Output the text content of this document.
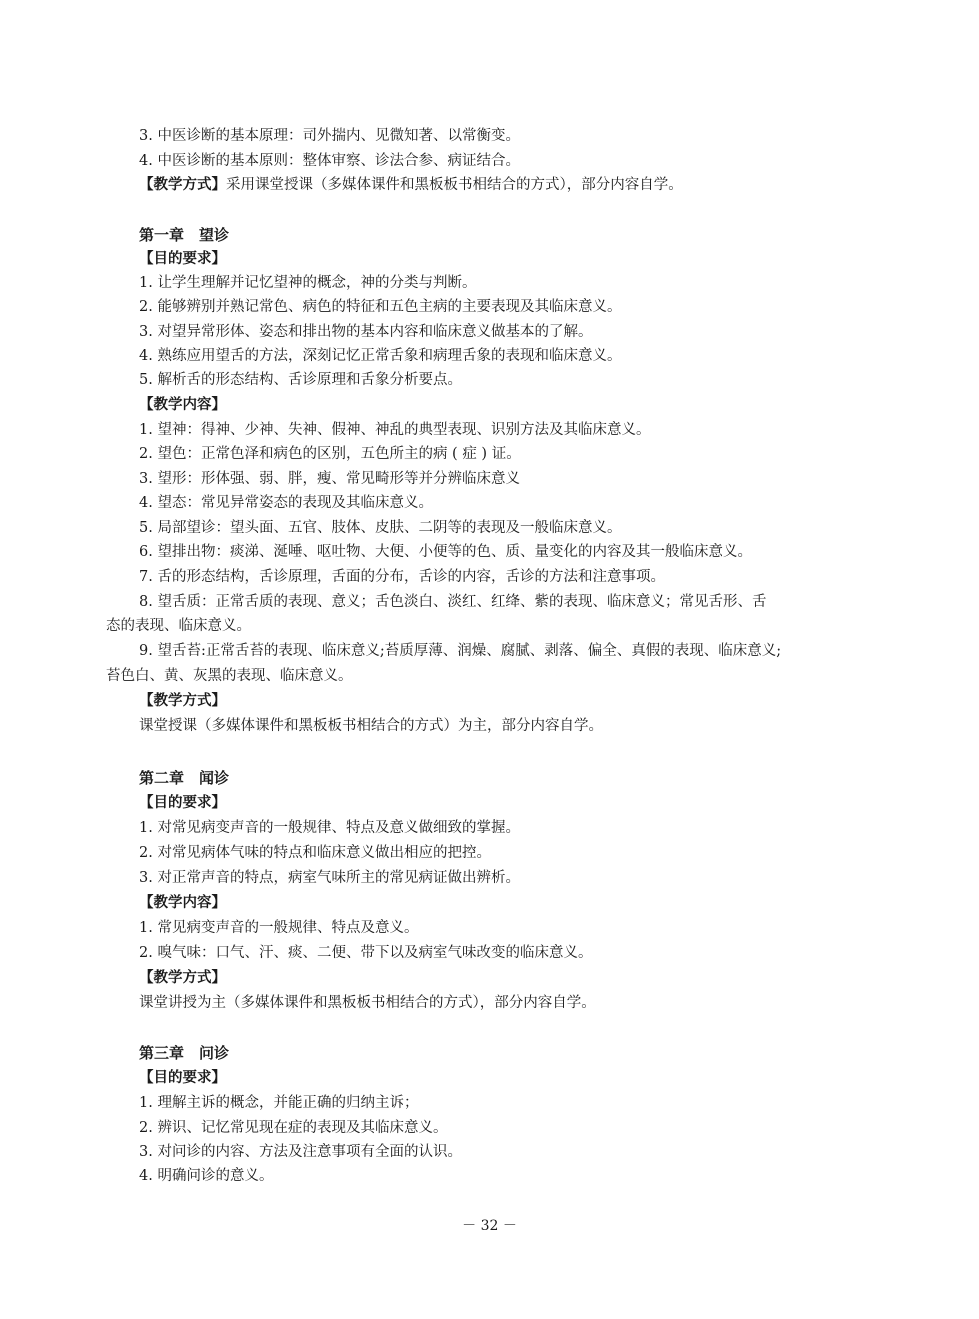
3. 中医诊断的基本原理：司外揣内、见微知著、以常衡变。
4. 中医诊断的基本原则：整体审察、诊法合参、病证结合。
【教学方式】采用课堂授课（多媒体课件和黑板板书相结合的方式），部分内容自学。
第一章　望诊
【目的要求】
1. 让学生理解并记忆望神的概念，神的分类与判断。
2. 能够辨别并熟记常色、病色的特征和五色主病的主要表现及其临床意义。
3. 对望异常形体、姿态和排出物的基本内容和临床意义做基本的了解。
4. 熟练应用望舌的方法，深刻记忆正常舌象和病理舌象的表现和临床意义。
5. 解析舌的形态结构、舌诊原理和舌象分析要点。
【教学内容】
1. 望神：得神、少神、失神、假神、神乱的典型表现、识别方法及其临床意义。
2. 望色：正常色泽和病色的区别，五色所主的病 ( 症 ) 证。
3. 望形：形体强、弱、胖，瘦、常见畸形等并分辨临床意义
4. 望态：常见异常姿态的表现及其临床意义。
5. 局部望诊：望头面、五官、肢体、皮肤、二阴等的表现及一般临床意义。
6. 望排出物：痰涕、涎唾、呕吐物、大便、小便等的色、质、量变化的内容及其一般临床意义。
7. 舌的形态结构，舌诊原理，舌面的分布，舌诊的内容，舌诊的方法和注意事项。
8. 望舌质：正常舌质的表现、意义；舌色淡白、淡红、红绛、紫的表现、临床意义；常见舌形、舌
态的表现、临床意义。
9. 望舌苔:正常舌苔的表现、临床意义;苔质厚薄、润燥、腐腻、剥落、偏全、真假的表现、临床意义;
苔色白、黄、灰黑的表现、临床意义。
【教学方式】
课堂授课（多媒体课件和黑板板书相结合的方式）为主，部分内容自学。
第二章　闻诊
【目的要求】
1. 对常见病变声音的一般规律、特点及意义做细致的掌握。
2. 对常见病体气味的特点和临床意义做出相应的把控。
3. 对正常声音的特点，病室气味所主的常见病证做出辨析。
【教学内容】
1. 常见病变声音的一般规律、特点及意义。
2. 嗅气味：口气、汗、痰、二便、带下以及病室气味改变的临床意义。
【教学方式】
课堂讲授为主（多媒体课件和黑板板书相结合的方式），部分内容自学。
第三章　问诊
【目的要求】
1. 理解主诉的概念，并能正确的归纳主诉；
2. 辨识、记忆常见现在症的表现及其临床意义。
3. 对问诊的内容、方法及注意事项有全面的认识。
4. 明确问诊的意义。
－ 32 －
